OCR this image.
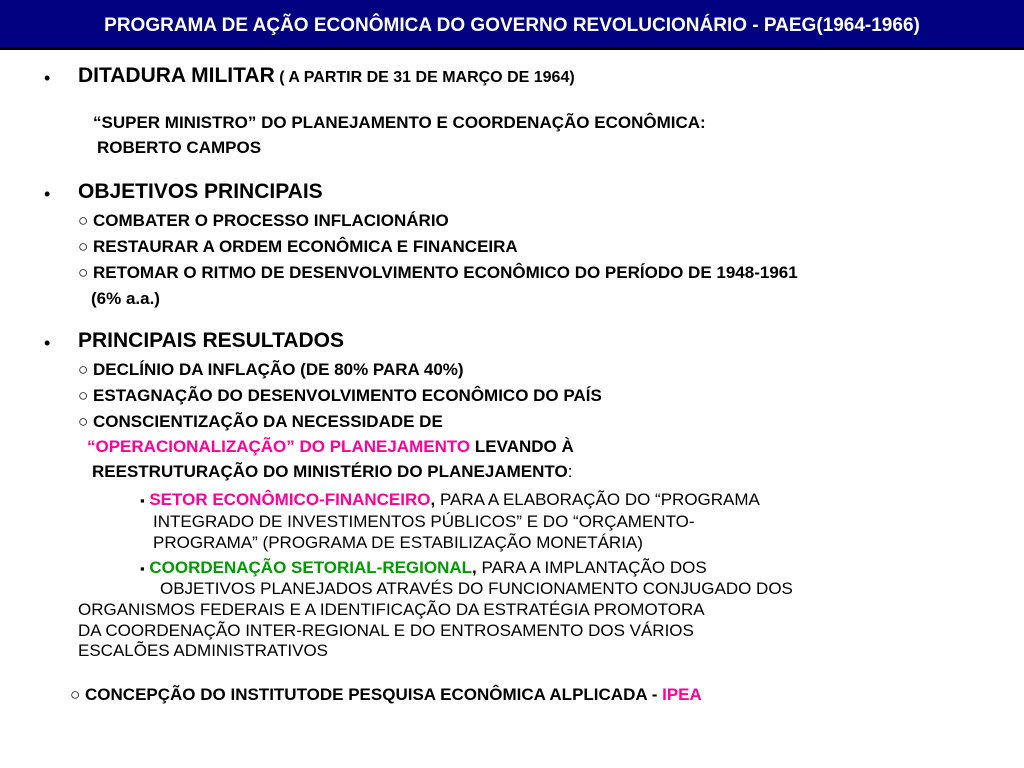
PROGRAMA DE AÇÃO ECONÔMICA DO GOVERNO REVOLUCIONÁRIO - PAEG(1964-1966)
• DITADURA MILITAR ( A PARTIR DE 31 DE MARÇO DE 1964)
“SUPER MINISTRO” DO PLANEJAMENTO E COORDENAÇÃO ECONÔMICA:
ROBERTO CAMPOS
• OBJETIVOS PRINCIPAIS
○ COMBATER O PROCESSO INFLACIONÁRIO
○ RESTAURAR A ORDEM ECONÔMICA E FINANCEIRA
○ RETOMAR O RITMO DE DESENVOLVIMENTO ECONÔMICO DO PERÍODO DE 1948-1961
(6% a.a.)
• PRINCIPAIS RESULTADOS
○ DECLÍNIO DA INFLAÇÃO (DE 80% PARA 40%)
○ ESTAGNAÇÃO DO DESENVOLVIMENTO ECONÔMICO DO PAÍS
○ CONSCIENTIZAÇÃO DA NECESSIDADE DE
“OPERACIONALIZAÇÃO” DO PLANEJAMENTO LEVANDO À
REESTRUTURAÇÃO DO MINISTÉRIO DO PLANEJAMENTO:
▪ SETOR ECONÔMICO-FINANCEIRO, PARA A ELABORAÇÃO DO “PROGRAMA
INTEGRADO DE INVESTIMENTOS PÚBLICOS” E DO “ORÇAMENTO-
PROGRAMA” (PROGRAMA DE ESTABILIZAÇÃO MONETÁRIA)
▪ COORDENAÇÃO SETORIAL-REGIONAL, PARA A IMPLANTAÇÃO DOS
OBJETIVOS PLANEJADOS ATRAVÉS DO FUNCIONAMENTO CONJUGADO DOS
ORGANISMOS FEDERAIS E A IDENTIFICAÇÃO DA ESTRATÉGIA PROMOTORA
DA COORDENAÇÃO INTER-REGIONAL E DO ENTROSAMENTO DOS VÁRIOS
ESCALÕES ADMINISTRATIVOS
○ CONCEPÇÃO DO INSTITUTODE PESQUISA ECONÔMICA ALPLICADA - IPEA
